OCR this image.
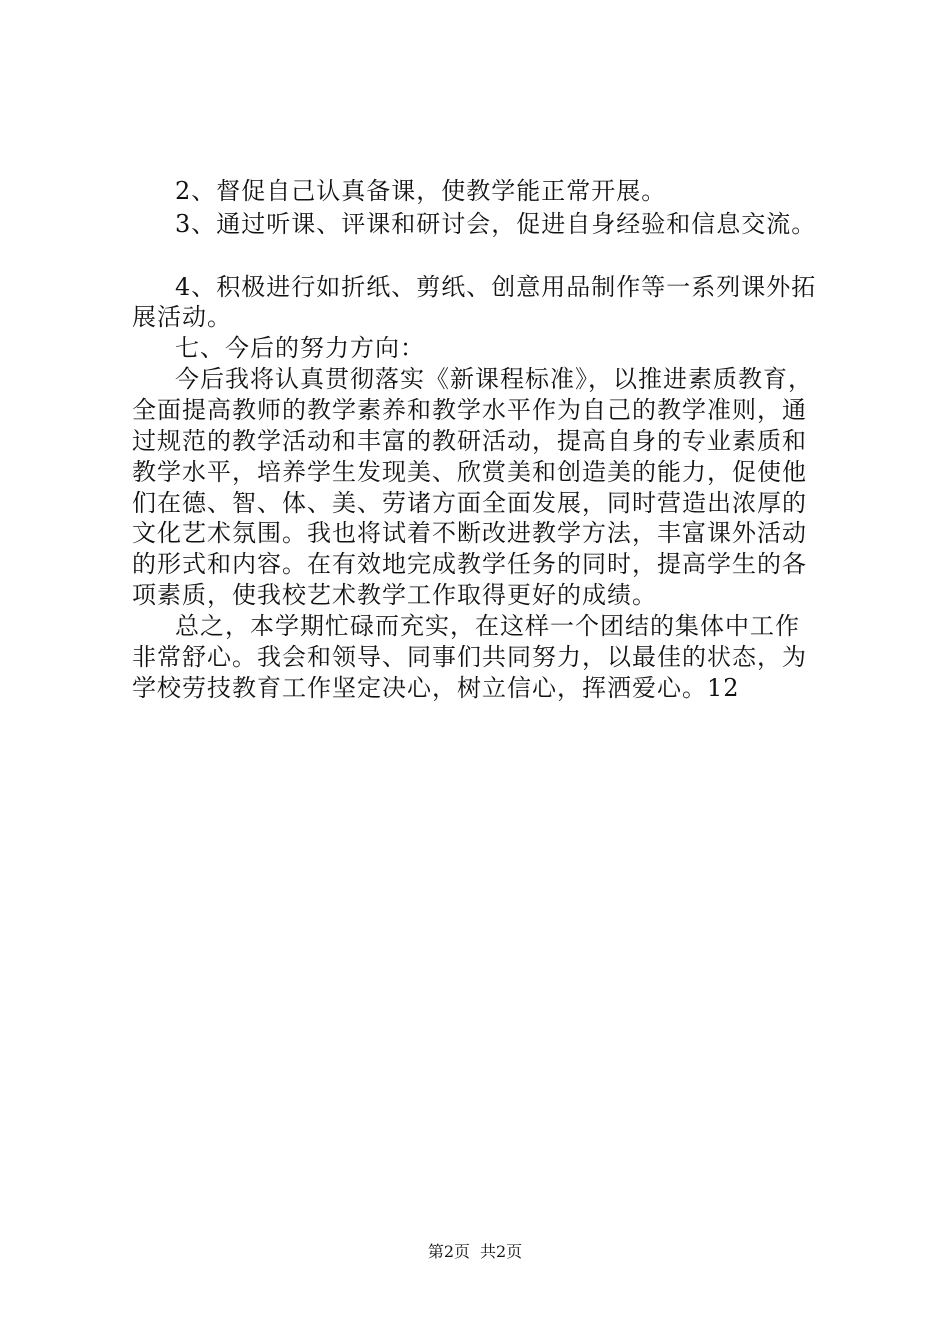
2、督促自己认真备课，使教学能正常开展。
3、通过听课、评课和研讨会，促进自身经验和信息交流。
4、积极进行如折纸、剪纸、创意用品制作等一系列课外拓
展活动。
七、今后的努力方向：
今后我将认真贯彻落实《新课程标准》，以推进素质教育，
全面提高教师的教学素养和教学水平作为自己的教学准则，通
过规范的教学活动和丰富的教研活动，提高自身的专业素质和
教学水平，培养学生发现美、欣赏美和创造美的能力，促使他
们在德、智、体、美、劳诸方面全面发展，同时营造出浓厚的
文化艺术氛围。我也将试着不断改进教学方法，丰富课外活动
的形式和内容。在有效地完成教学任务的同时，提高学生的各
项素质，使我校艺术教学工作取得更好的成绩。
总之，本学期忙碌而充实，在这样一个团结的集体中工作
非常舒心。我会和领导、同事们共同努力，以最佳的状态，为
学校劳技教育工作坚定决心，树立信心，挥洒爱心。12
第2页 共2页
